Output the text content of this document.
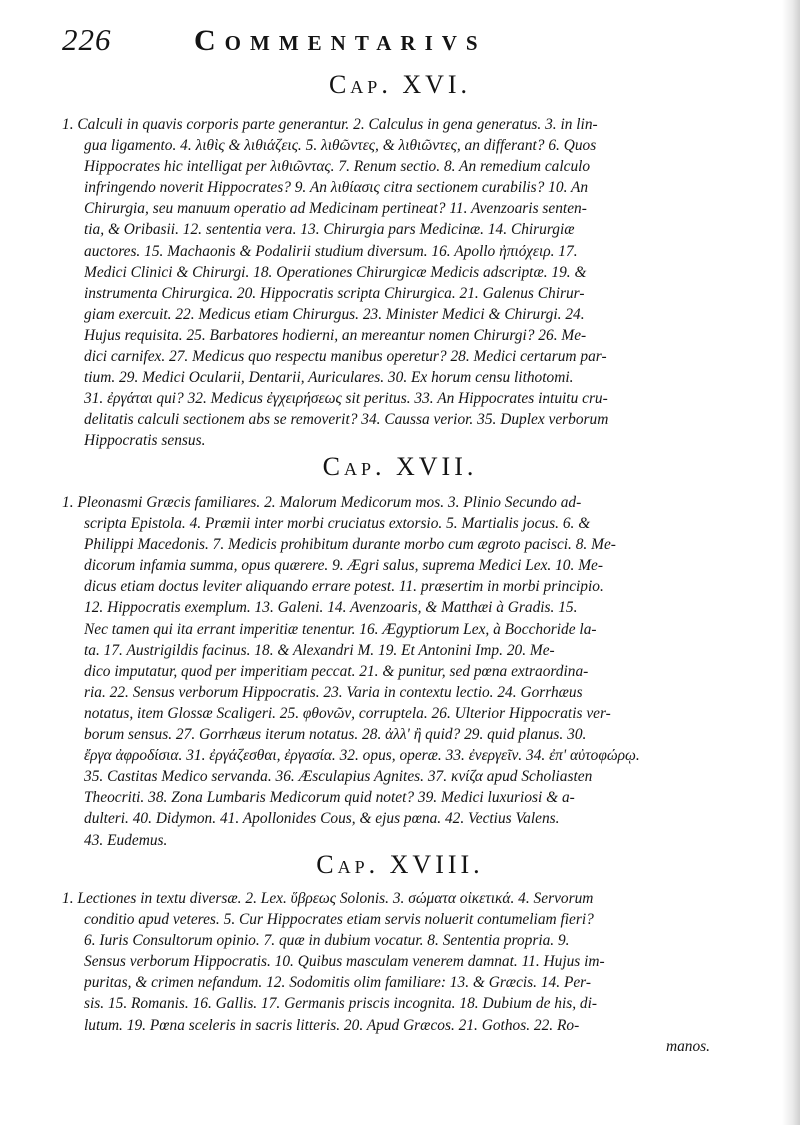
226	Commentarivs
Cap. XVI.
1. Calculi in quavis corporis parte generantur. 2. Calculus in gena generatus. 3. in lin-
gua ligamento. 4. λιθὶς & λιθιάζεις. 5. λιθῶντες, & λιθιῶντες, an differant? 6. Quos
Hippocrates hic intelligat per λιθιῶντας. 7. Renum sectio. 8. An remedium calculo
infringendo noverit Hippocrates? 9. An λιθίασις citra sectionem curabilis? 10. An
Chirurgia, seu manuum operatio ad Medicinam pertineat? 11. Avenzoaris senten-
tia, & Oribasii. 12. sententia vera. 13. Chirurgia pars Medicinæ. 14. Chirurgiæ
auctores. 15. Machaonis & Podalirii studium diversum. 16. Apollo ἠπιόχειρ. 17.
Medici Clinici & Chirurgi. 18. Operationes Chirurgicæ Medicis adscriptæ. 19. &
instrumenta Chirurgica. 20. Hippocratis scripta Chirurgica. 21. Galenus Chirur-
giam exercuit. 22. Medicus etiam Chirurgus. 23. Minister Medici & Chirurgi. 24.
Hujus requisita. 25. Barbatores hodierni, an mereantur nomen Chirurgi? 26. Me-
dici carnifex. 27. Medicus quo respectu manibus operetur? 28. Medici certarum par-
tium. 29. Medici Ocularii, Dentarii, Auriculares. 30. Ex horum censu lithotomi.
31. ἐργάται qui? 32. Medicus ἐγχειρήσεως sit peritus. 33. An Hippocrates intuitu cru-
delitatis calculi sectionem abs se removerit? 34. Caussa verior. 35. Duplex verborum
Hippocratis sensus.
Cap. XVII.
1. Pleonasmi Græcis familiares. 2. Malorum Medicorum mos. 3. Plinio Secundo ad-
scripta Epistola. 4. Præmii inter morbi cruciatus extorsio. 5. Martialis jocus. 6. &
Philippi Macedonis. 7. Medicis prohibitum durante morbo cum ægroto pacisci. 8. Me-
dicorum infamia summa, opus quærere. 9. Ægri salus, suprema Medici Lex. 10. Me-
dicus etiam doctus leviter aliquando errare potest. 11. præsertim in morbi principio.
12. Hippocratis exemplum. 13. Galeni. 14. Avenzoaris, & Matthæi à Gradis. 15.
Nec tamen qui ita errant imperitiæ tenentur. 16. Ægyptiorum Lex, à Bocchoride la-
ta. 17. Austrigildis facinus. 18. & Alexandri M. 19. Et Antonini Imp. 20. Me-
dico imputatur, quod per imperitiam peccat. 21. & punitur, sed pœna extraordina-
ria. 22. Sensus verborum Hippocratis. 23. Varia in contextu lectio. 24. Gorrhæus
notatus, item Glossæ Scaligeri. 25. φθονῶν, corruptela. 26. Ulterior Hippocratis ver-
borum sensus. 27. Gorrhæus iterum notatus. 28. ἀλλ' ἢ quid? 29. quid planus. 30.
ἔργα ἀφροδίσια. 31. ἐργάζεσθαι, ἐργασία. 32. opus, operæ. 33. ἐνεργεῖν. 34. ἐπ' αὐτοφώρῳ.
35. Castitas Medico servanda. 36. Æsculapius Agnites. 37. κνίζα apud Scholiasten
Theocriti. 38. Zona Lumbaris Medicorum quid notet? 39. Medici luxuriosi & a-
dulteri. 40. Didymon. 41. Apollonides Cous, & ejus pœna. 42. Vectius Valens.
43. Eudemus.
Cap. XVIII.
1. Lectiones in textu diversæ. 2. Lex. ὕβρεως Solonis. 3. σώματα οἰκετικά. 4. Servorum
conditio apud veteres. 5. Cur Hippocrates etiam servis noluerit contumeliam fieri?
6. Iuris Consultorum opinio. 7. quæ in dubium vocatur. 8. Sententia propria. 9.
Sensus verborum Hippocratis. 10. Quibus masculam venerem damnat. 11. Hujus im-
puritas, & crimen nefandum. 12. Sodomitis olim familiare: 13. & Græcis. 14. Per-
sis. 15. Romanis. 16. Gallis. 17. Germanis priscis incognita. 18. Dubium de his, di-
lutum. 19. Pœna sceleris in sacris litteris. 20. Apud Græcos. 21. Gothos. 22. Ro-
manos.
